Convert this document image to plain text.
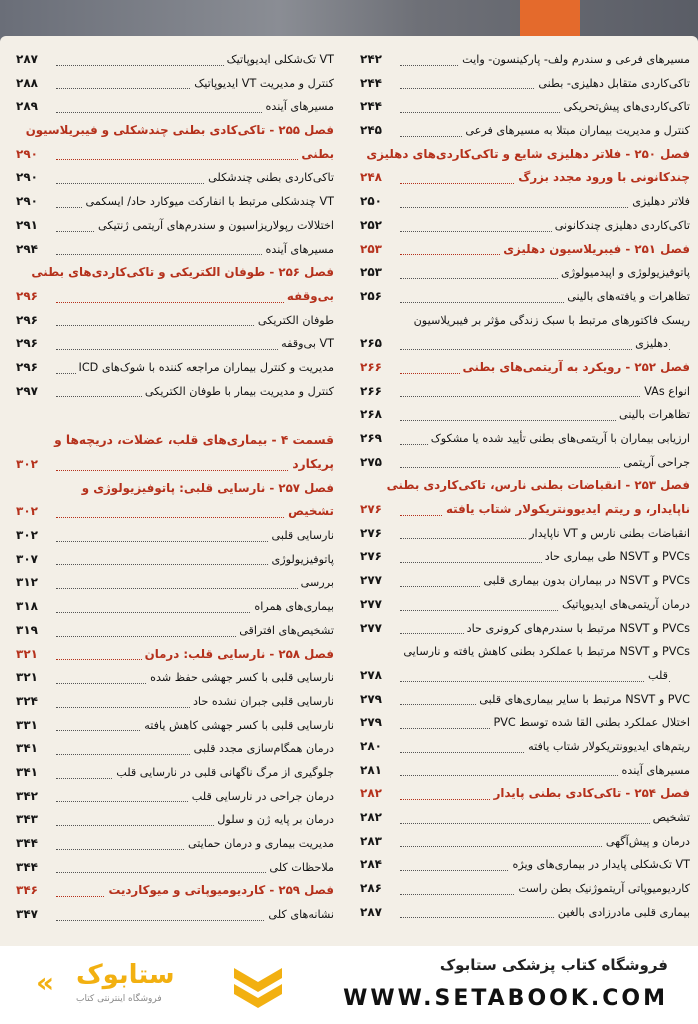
مسیرهای فرعی و سندرم ولف- پارکینسون- وایت
۲۴۲
تاکی‌کاردی متقابل دهلیزی- بطنی
۲۴۴
تاکی‌کاردی‌های پیش‌تحریکی
۲۴۴
کنترل و مدیریت بیماران مبتلا به مسیرهای فرعی
۲۴۵
فصل ۲۵۰ - فلاتر دهلیزی شایع و تاکی‌کاردی‌های دهلیزی
چندکانونی با ورود مجدد بزرگ
۲۴۸
فلاتر دهلیزی
۲۵۰
تاکی‌کاردی دهلیزی چندکانونی
۲۵۲
فصل ۲۵۱ - فیبریلاسیون دهلیزی
۲۵۳
پاتوفیزیولوژی و اپیدمیولوژی
۲۵۳
تظاهرات و یافته‌های بالینی
۲۵۶
ریسک فاکتورهای مرتبط با سبک زندگی مؤثر بر فیبریلاسیون
دهلیزی
۲۶۵
فصل ۲۵۲ - رویکرد به آریتمی‌های بطنی
۲۶۶
انواع VAs
۲۶۶
تظاهرات بالینی
۲۶۸
ارزیابی بیماران با آریتمی‌های بطنی تأیید شده یا مشکوک
۲۶۹
جراحی آریتمی
۲۷۵
فصل ۲۵۳ - انقباضات بطنی نارس، تاکی‌کاردی بطنی
ناپایدار، و ریتم ایدیوونتریکولار شتاب یافته
۲۷۶
انقباضات بطنی نارس و VT ناپایدار
۲۷۶
PVCs و NSVT طی بیماری حاد
۲۷۶
PVCs و NSVT در بیماران بدون بیماری قلبی
۲۷۷
درمان آریتمی‌های ایدیوپاتیک
۲۷۷
PVCs و NSVT مرتبط با سندرم‌های کرونری حاد
۲۷۷
PVCs و NSVT مرتبط با عملکرد بطنی کاهش یافته و نارسایی
قلب
۲۷۸
PVC و NSVT مرتبط با سایر بیماری‌های قلبی
۲۷۹
اختلال عملکرد بطنی القا شده توسط PVC
۲۷۹
ریتم‌های ایدیوونتریکولار شتاب یافته
۲۸۰
مسیرهای آینده
۲۸۱
فصل ۲۵۴ - تاکی‌کادی بطنی پایدار
۲۸۲
تشخیص
۲۸۲
درمان و پیش‌آگهی
۲۸۳
VT تک‌شکلی پایدار در بیماری‌های ویژه
۲۸۴
کاردیومیوپاتی آریتموژنیک بطن راست
۲۸۶
بیماری قلبی مادرزادی بالغین
۲۸۷
VT تک‌شکلی ایدیوپاتیک
۲۸۷
کنترل و مدیریت VT ایدیوپاتیک
۲۸۸
مسیرهای آینده
۲۸۹
فصل ۲۵۵ - تاکی‌کادی بطنی چندشکلی و فیبریلاسیون
بطنی
۲۹۰
تاکی‌کاردی بطنی چندشکلی
۲۹۰
VT چندشکلی مرتبط با انفارکت میوکارد حاد/ ایسکمی
۲۹۰
اختلالات رپولاریزاسیون و سندرم‌های آریتمی ژنتیکی
۲۹۱
مسیرهای آینده
۲۹۴
فصل ۲۵۶ - طوفان الکتریکی و تاکی‌کاردی‌های بطنی
بی‌وقفه
۲۹۶
طوفان الکتریکی
۲۹۶
VT بی‌وقفه
۲۹۶
مدیریت و کنترل بیماران مراجعه کننده با شوک‌های ICD
۲۹۶
کنترل و مدیریت بیمار با طوفان الکتریکی
۲۹۷
قسمت ۴ - بیماری‌های قلب، عضلات، دریچه‌ها و
پریکارد
۳۰۲
فصل ۲۵۷ - نارسایی قلبی: پاتوفیزیولوژی و
تشخیص
۳۰۲
نارسایی قلبی
۳۰۲
پاتوفیزیولوژی
۳۰۷
بررسی
۳۱۲
بیماری‌های همراه
۳۱۸
تشخیص‌های افتراقی
۳۱۹
فصل ۲۵۸ - نارسایی قلب: درمان
۳۲۱
نارسایی قلبی با کسر جهشی حفظ شده
۳۲۱
نارسایی قلبی جبران نشده حاد
۳۲۴
نارسایی قلبی با کسر جهشی کاهش یافته
۳۳۱
درمان همگام‌سازی مجدد قلبی
۳۴۱
جلوگیری از مرگ ناگهانی قلبی در نارسایی قلب
۳۴۱
درمان جراحی در نارسایی قلب
۳۴۲
درمان بر پایه ژن و سلول
۳۴۳
مدیریت بیماری و درمان حمایتی
۳۴۴
ملاحظات کلی
۳۴۴
فصل ۲۵۹ - کاردیومیوپاتی و میوکاردیت
۳۴۶
نشانه‌های کلی
۳۴۷
« ستابوک
فروشگاه اینترنتی کتاب
فروشگاه کتاب پزشکی ستابوک
WWW.SETABOOK.COM
